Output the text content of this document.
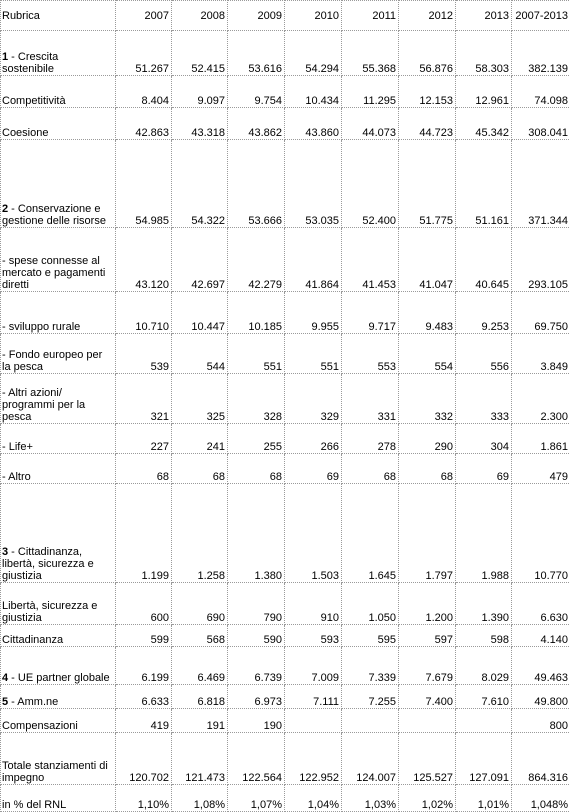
Rubrica	2007	2008	2009	2010	2011	2012	2013	2007-2013
1 - Crescita sostenibile	51.267	52.415	53.616	54.294	55.368	56.876	58.303	382.139
Competitività	8.404	9.097	9.754	10.434	11.295	12.153	12.961	74.098
Coesione	42.863	43.318	43.862	43.860	44.073	44.723	45.342	308.041
2 - Conservazione e gestione delle risorse	54.985	54.322	53.666	53.035	52.400	51.775	51.161	371.344
- spese connesse al mercato e pagamenti diretti	43.120	42.697	42.279	41.864	41.453	41.047	40.645	293.105
- sviluppo rurale	10.710	10.447	10.185	9.955	9.717	9.483	9.253	69.750
- Fondo europeo per la pesca	539	544	551	551	553	554	556	3.849
- Altri azioni/ programmi per la pesca	321	325	328	329	331	332	333	2.300
- Life+	227	241	255	266	278	290	304	1.861
- Altro	68	68	68	69	68	68	69	479
3 - Cittadinanza, libertà, sicurezza e giustizia	1.199	1.258	1.380	1.503	1.645	1.797	1.988	10.770
Libertà, sicurezza e giustizia	600	690	790	910	1.050	1.200	1.390	6.630
Cittadinanza	599	568	590	593	595	597	598	4.140
4 - UE partner globale	6.199	6.469	6.739	7.009	7.339	7.679	8.029	49.463
5 - Amm.ne	6.633	6.818	6.973	7.111	7.255	7.400	7.610	49.800
Compensazioni	419	191	190					800
Totale stanziamenti di impegno	120.702	121.473	122.564	122.952	124.007	125.527	127.091	864.316
in % del RNL	1,10%	1,08%	1,07%	1,04%	1,03%	1,02%	1,01%	1,048%
